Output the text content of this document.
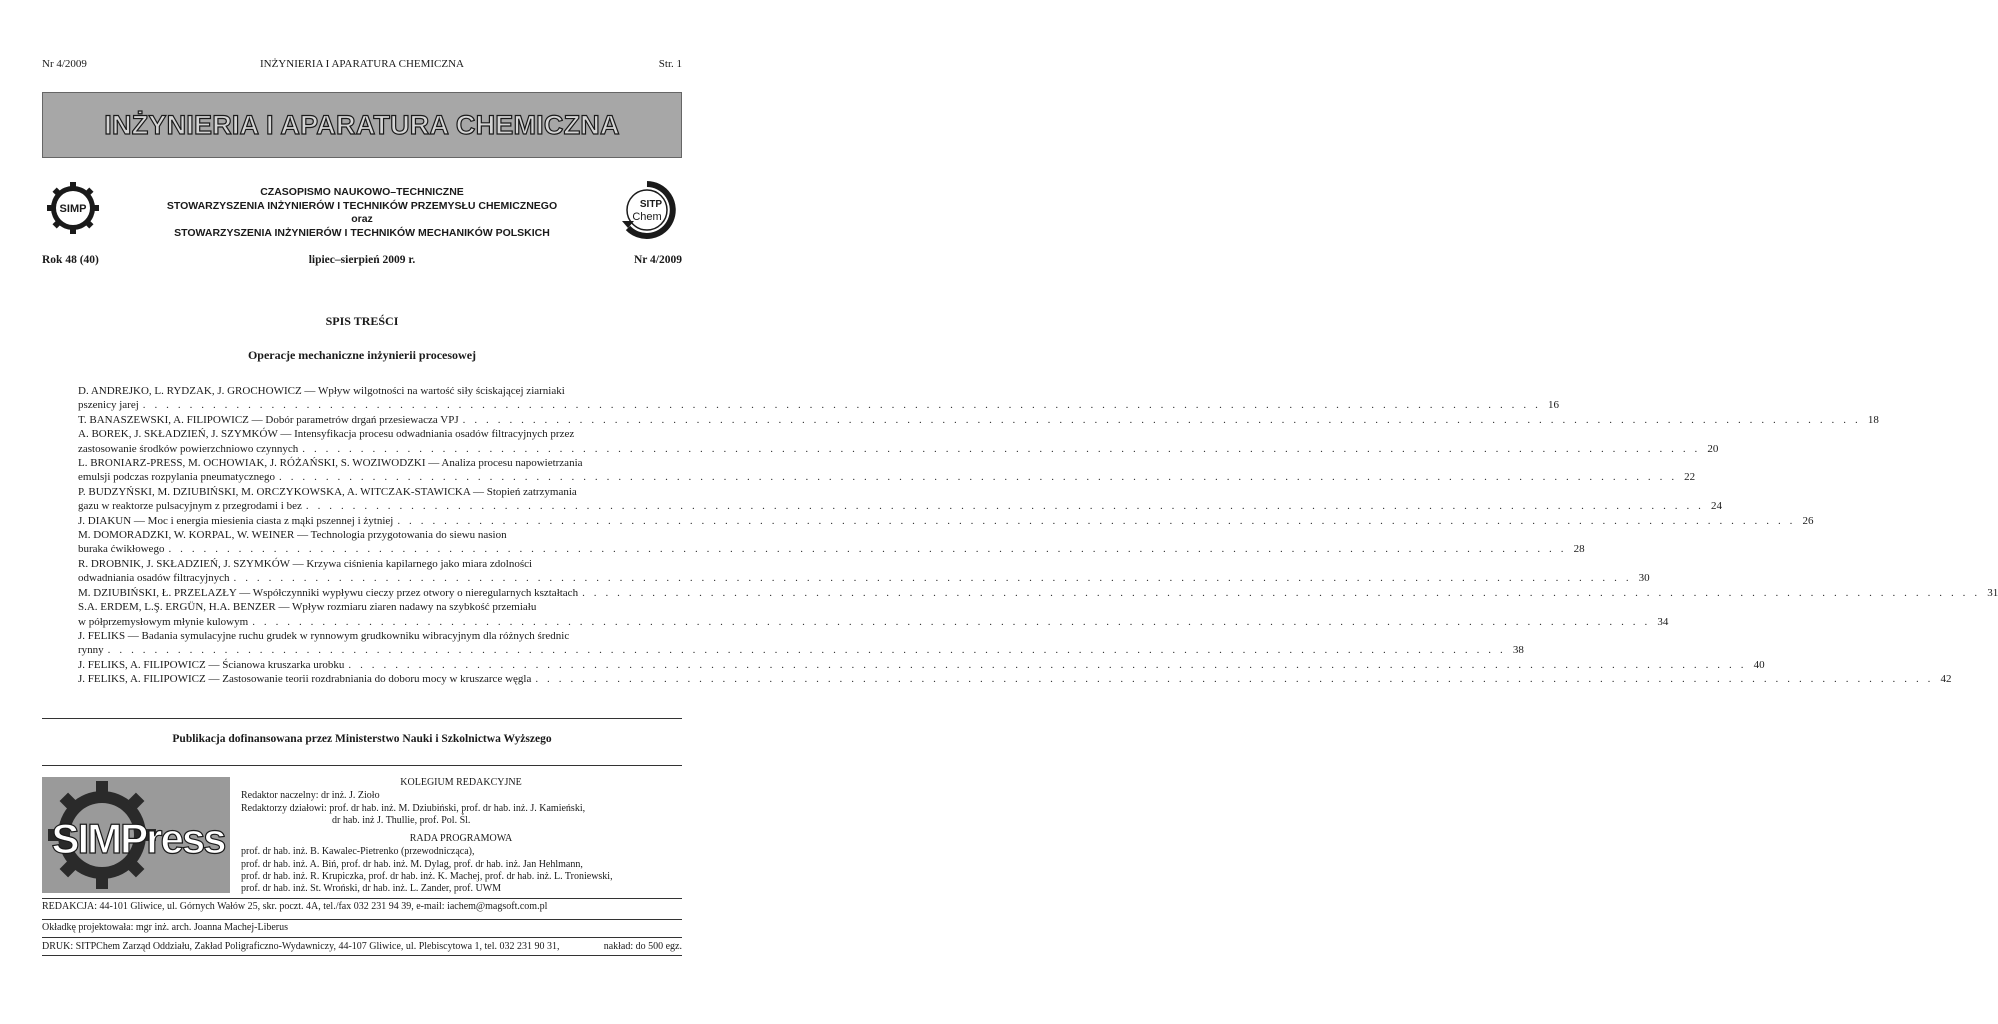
Nr 4/2009	INŻYNIERIA I APARATURA CHEMICZNA	Str. 1
INŻYNIERIA I APARATURA CHEMICZNA
SIMP	SITP
Chem
CZASOPISMO NAUKOWO–TECHNICZNE
STOWARZYSZENIA INŻYNIERÓW I TECHNIKÓW PRZEMYSŁU CHEMICZNEGO
oraz
STOWARZYSZENIA INŻYNIERÓW I TECHNIKÓW MECHANIKÓW POLSKICH
Rok 48 (40)	lipiec–sierpień 2009 r.	Nr 4/2009
SPIS TREŚCI
Operacje mechaniczne inżynierii procesowej
D. ANDREJKO, L. RYDZAK, J. GROCHOWICZ — Wpływ wilgotności na wartość siły ściskającej ziarniaki
pszenicy jarej . . . . . . . . . . . . . . . . . . . . . . . . . . . . . . . . . . . . . . . . . . . . . . . . . . . . . . . . . . . . . . . . . . . . . . . . . . . . . . . . . . . . . . . . . . . . . . . . . . . . . . . . . . . . . . . . . . . . . . . . 16
T. BANASZEWSKI, A. FILIPOWICZ — Dobór parametrów drgań przesiewacza VPJ . . . . . . . . . . . . . . . . . . . . . . . . . . . . . . . . . . . . . . . . . . . . . . . . . . . . . . . . . . . . . . . . . . . . . . . . . . . . . . . . . . . . . . . . . . . . . . . . . . . . . . . . . . . . . . . . . . . . . . . . 18
A. BOREK, J. SKŁADZIEŃ, J. SZYMKÓW — Intensyfikacja procesu odwadniania osadów filtracyjnych przez
zastosowanie środków powierzchniowo czynnych . . . . . . . . . . . . . . . . . . . . . . . . . . . . . . . . . . . . . . . . . . . . . . . . . . . . . . . . . . . . . . . . . . . . . . . . . . . . . . . . . . . . . . . . . . . . . . . . . . . . . . . . . . . . . . . . . . . . . . . . 20
L. BRONIARZ-PRESS, M. OCHOWIAK, J. RÓŻAŃSKI, S. WOZIWODZKI — Analiza procesu napowietrzania
emulsji podczas rozpylania pneumatycznego . . . . . . . . . . . . . . . . . . . . . . . . . . . . . . . . . . . . . . . . . . . . . . . . . . . . . . . . . . . . . . . . . . . . . . . . . . . . . . . . . . . . . . . . . . . . . . . . . . . . . . . . . . . . . . . . . . . . . . . . 22
P. BUDZYŃSKI, M. DZIUBIŃSKI, M. ORCZYKOWSKA, A. WITCZAK-STAWICKA — Stopień zatrzymania
gazu w reaktorze pulsacyjnym z przegrodami i bez . . . . . . . . . . . . . . . . . . . . . . . . . . . . . . . . . . . . . . . . . . . . . . . . . . . . . . . . . . . . . . . . . . . . . . . . . . . . . . . . . . . . . . . . . . . . . . . . . . . . . . . . . . . . . . . . . . . . . . . . 24
J. DIAKUN — Moc i energia miesienia ciasta z mąki pszennej i żytniej . . . . . . . . . . . . . . . . . . . . . . . . . . . . . . . . . . . . . . . . . . . . . . . . . . . . . . . . . . . . . . . . . . . . . . . . . . . . . . . . . . . . . . . . . . . . . . . . . . . . . . . . . . . . . . . . . . . . . . . . 26
M. DOMORADZKI, W. KORPAL, W. WEINER — Technologia przygotowania do siewu nasion
buraka ćwikłowego . . . . . . . . . . . . . . . . . . . . . . . . . . . . . . . . . . . . . . . . . . . . . . . . . . . . . . . . . . . . . . . . . . . . . . . . . . . . . . . . . . . . . . . . . . . . . . . . . . . . . . . . . . . . . . . . . . . . . . . . 28
R. DROBNIK, J. SKŁADZIEŃ, J. SZYMKÓW — Krzywa ciśnienia kapilarnego jako miara zdolności
odwadniania osadów filtracyjnych . . . . . . . . . . . . . . . . . . . . . . . . . . . . . . . . . . . . . . . . . . . . . . . . . . . . . . . . . . . . . . . . . . . . . . . . . . . . . . . . . . . . . . . . . . . . . . . . . . . . . . . . . . . . . . . . . . . . . . . . 30
M. DZIUBIŃSKI, Ł. PRZELAZŁY — Współczynniki wypływu cieczy przez otwory o nieregularnych kształtach . . . . . . . . . . . . . . . . . . . . . . . . . . . . . . . . . . . . . . . . . . . . . . . . . . . . . . . . . . . . . . . . . . . . . . . . . . . . . . . . . . . . . . . . . . . . . . . . . . . . . . . . . . . . . . . . . . . . . . . . 31
S.A. ERDEM, L.Ş. ERGÜN, H.A. BENZER — Wpływ rozmiaru ziaren nadawy na szybkość przemiału
w półprzemysłowym młynie kulowym . . . . . . . . . . . . . . . . . . . . . . . . . . . . . . . . . . . . . . . . . . . . . . . . . . . . . . . . . . . . . . . . . . . . . . . . . . . . . . . . . . . . . . . . . . . . . . . . . . . . . . . . . . . . . . . . . . . . . . . . 34
J. FELIKS — Badania symulacyjne ruchu grudek w rynnowym grudkowniku wibracyjnym dla różnych średnic
rynny . . . . . . . . . . . . . . . . . . . . . . . . . . . . . . . . . . . . . . . . . . . . . . . . . . . . . . . . . . . . . . . . . . . . . . . . . . . . . . . . . . . . . . . . . . . . . . . . . . . . . . . . . . . . . . . . . . . . . . . . 38
J. FELIKS, A. FILIPOWICZ — Ścianowa kruszarka urobku . . . . . . . . . . . . . . . . . . . . . . . . . . . . . . . . . . . . . . . . . . . . . . . . . . . . . . . . . . . . . . . . . . . . . . . . . . . . . . . . . . . . . . . . . . . . . . . . . . . . . . . . . . . . . . . . . . . . . . . . 40
J. FELIKS, A. FILIPOWICZ — Zastosowanie teorii rozdrabniania do doboru mocy w kruszarce węgla . . . . . . . . . . . . . . . . . . . . . . . . . . . . . . . . . . . . . . . . . . . . . . . . . . . . . . . . . . . . . . . . . . . . . . . . . . . . . . . . . . . . . . . . . . . . . . . . . . . . . . . . . . . . . . . . . . . . . . . . 42
Publikacja dofinansowana przez Ministerstwo Nauki i Szkolnictwa Wyższego
SIMPress
KOLEGIUM REDAKCYJNE
Redaktor naczelny: dr inż. J. Zioło
Redaktorzy działowi: prof. dr hab. inż. M. Dziubiński, prof. dr hab. inż. J. Kamieński,
dr hab. inż J. Thullie, prof. Pol. Śl.
RADA PROGRAMOWA
prof. dr hab. inż. B. Kawalec-Pietrenko (przewodnicząca),
prof. dr hab. inż. A. Biń, prof. dr hab. inż. M. Dylag, prof. dr hab. inż. Jan Hehlmann,
prof. dr hab. inż. R. Krupiczka, prof. dr hab. inż. K. Machej, prof. dr hab. inż. L. Troniewski,
prof. dr hab. inż. St. Wroński, dr hab. inż. L. Zander, prof. UWM
REDAKCJA: 44-101 Gliwice, ul. Górnych Wałów 25, skr. poczt. 4A, tel./fax 032 231 94 39, e-mail: iachem@magsoft.com.pl
Okładkę projektowała: mgr inż. arch. Joanna Machej-Liberus
DRUK: SITPChem Zarząd Oddziału, Zakład Poligraficzno-Wydawniczy, 44-107 Gliwice, ul. Plebiscytowa 1, tel. 032 231 90 31,	nakład: do 500 egz.
